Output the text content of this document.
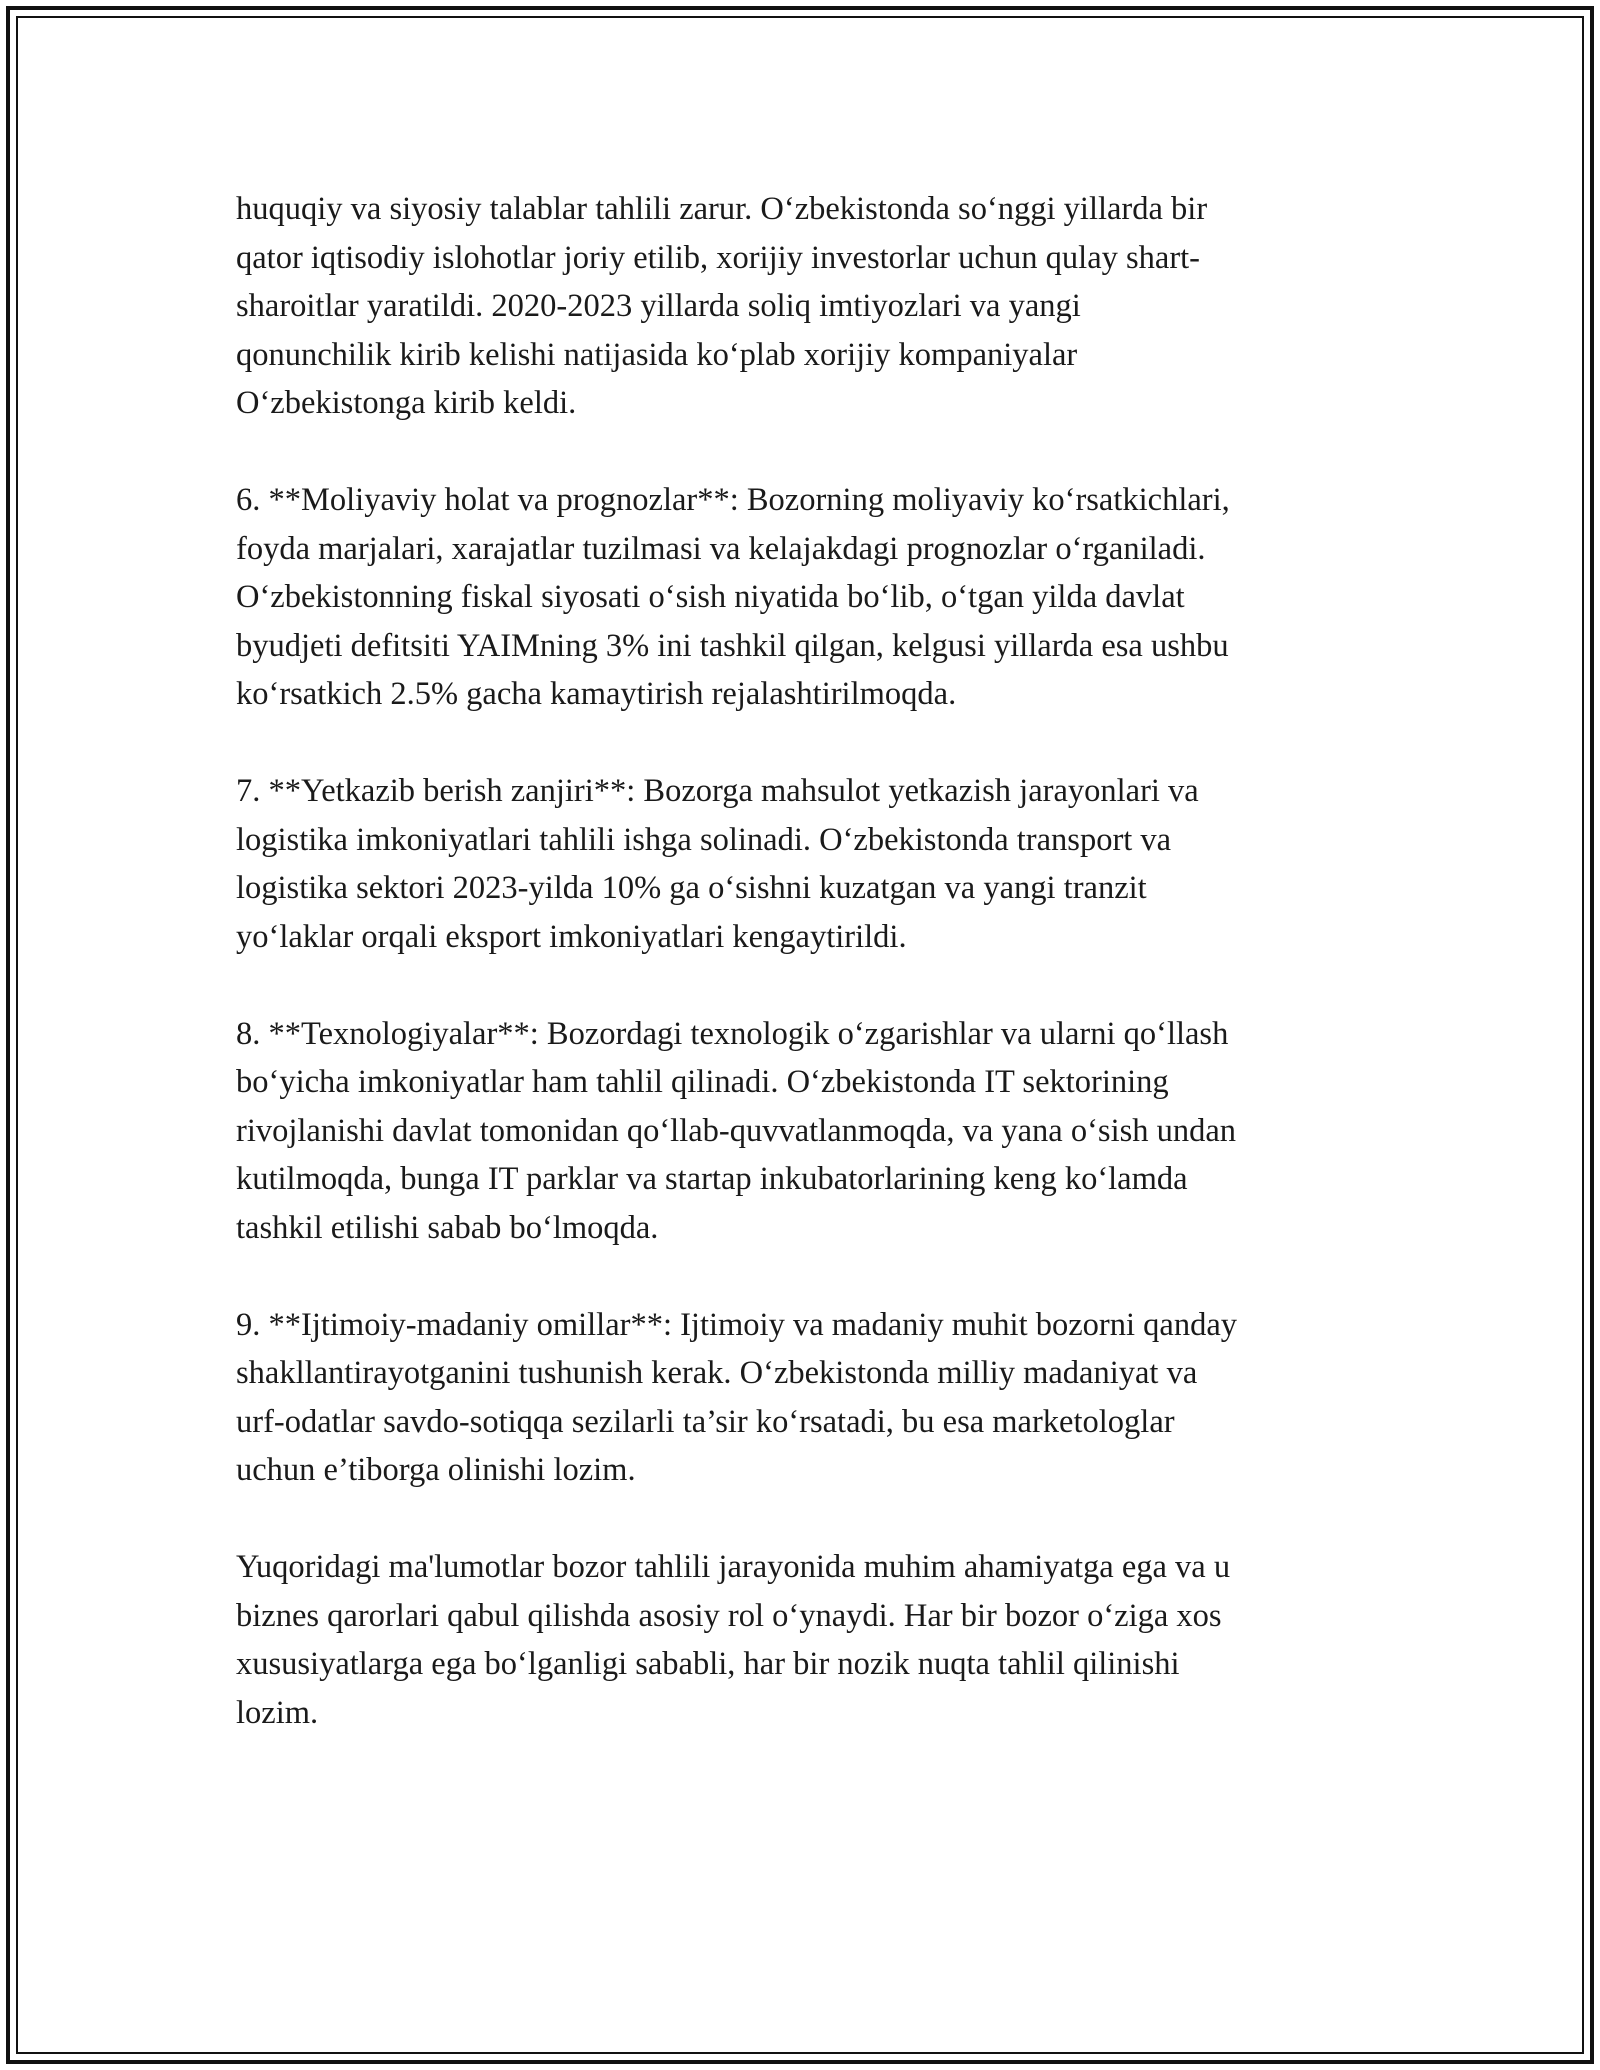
huquqiy va siyosiy talablar tahlili zarur. O‘zbekistonda so‘nggi yillarda bir
qator iqtisodiy islohotlar joriy etilib, xorijiy investorlar uchun qulay shart-
sharoitlar yaratildi. 2020-2023 yillarda soliq imtiyozlari va yangi
qonunchilik kirib kelishi natijasida ko‘plab xorijiy kompaniyalar
O‘zbekistonga kirib keldi.

6. **Moliyaviy holat va prognozlar**: Bozorning moliyaviy ko‘rsatkichlari,
foyda marjalari, xarajatlar tuzilmasi va kelajakdagi prognozlar o‘rganiladi.
O‘zbekistonning fiskal siyosati o‘sish niyatida bo‘lib, o‘tgan yilda davlat
byudjeti defitsiti YAIMning 3% ini tashkil qilgan, kelgusi yillarda esa ushbu
ko‘rsatkich 2.5% gacha kamaytirish rejalashtirilmoqda.

7. **Yetkazib berish zanjiri**: Bozorga mahsulot yetkazish jarayonlari va
logistika imkoniyatlari tahlili ishga solinadi. O‘zbekistonda transport va
logistika sektori 2023-yilda 10% ga o‘sishni kuzatgan va yangi tranzit
yo‘laklar orqali eksport imkoniyatlari kengaytirildi.

8. **Texnologiyalar**: Bozordagi texnologik o‘zgarishlar va ularni qo‘llash
bo‘yicha imkoniyatlar ham tahlil qilinadi. O‘zbekistonda IT sektorining
rivojlanishi davlat tomonidan qo‘llab-quvvatlanmoqda, va yana o‘sish undan
kutilmoqda, bunga IT parklar va startap inkubatorlarining keng ko‘lamda
tashkil etilishi sabab bo‘lmoqda.

9. **Ijtimoiy-madaniy omillar**: Ijtimoiy va madaniy muhit bozorni qanday
shakllantirayotganini tushunish kerak. O‘zbekistonda milliy madaniyat va
urf-odatlar savdo-sotiqqa sezilarli ta’sir ko‘rsatadi, bu esa marketologlar
uchun e’tiborga olinishi lozim.

Yuqoridagi ma'lumotlar bozor tahlili jarayonida muhim ahamiyatga ega va u
biznes qarorlari qabul qilishda asosiy rol o‘ynaydi. Har bir bozor o‘ziga xos
xususiyatlarga ega bo‘lganligi sababli, har bir nozik nuqta tahlil qilinishi
lozim.
